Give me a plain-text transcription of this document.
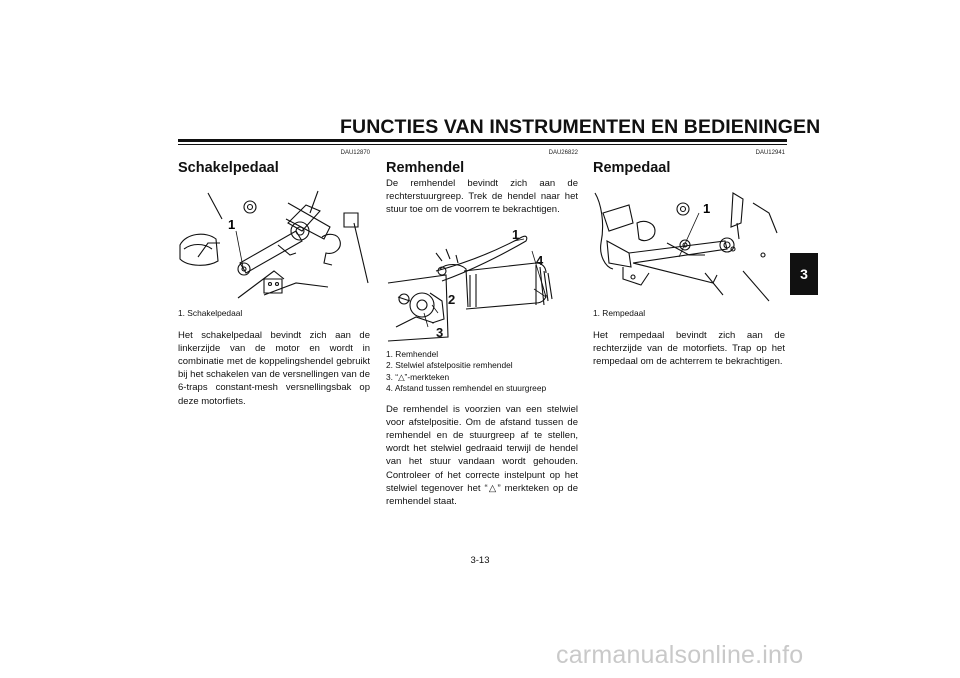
FUNCTIES VAN INSTRUMENTEN EN BEDIENINGEN
3
DAU12870
Schakelpedaal
1
1. Schakelpedaal
Het schakelpedaal bevindt zich aan de linkerzijde van de motor en wordt in combinatie met de koppelingshendel gebruikt bij het schakelen van de versnellingen van de 6-traps constant-mesh versnellingsbak op deze motorfiets.
DAU26822
Remhendel
De remhendel bevindt zich aan de rechterstuurgreep. Trek de hendel naar het stuur toe om de voorrem te bekrachtigen.
1
4
2
3
1. Remhendel
2. Stelwiel afstelpositie remhendel
3. “△”-merkteken
4. Afstand tussen remhendel en stuurgreep
De remhendel is voorzien van een stelwiel voor afstelpositie. Om de afstand tussen de remhendel en de stuurgreep af te stellen, wordt het stelwiel gedraaid terwijl de hendel van het stuur vandaan wordt gehouden. Controleer of het correcte instelpunt op het stelwiel tegenover het “△” merkteken op de remhendel staat.
DAU12941
Rempedaal
1
1. Rempedaal
Het rempedaal bevindt zich aan de rechterzijde van de motorfiets. Trap op het rempedaal om de achterrem te bekrachtigen.
3-13
carmanualsonline.info
